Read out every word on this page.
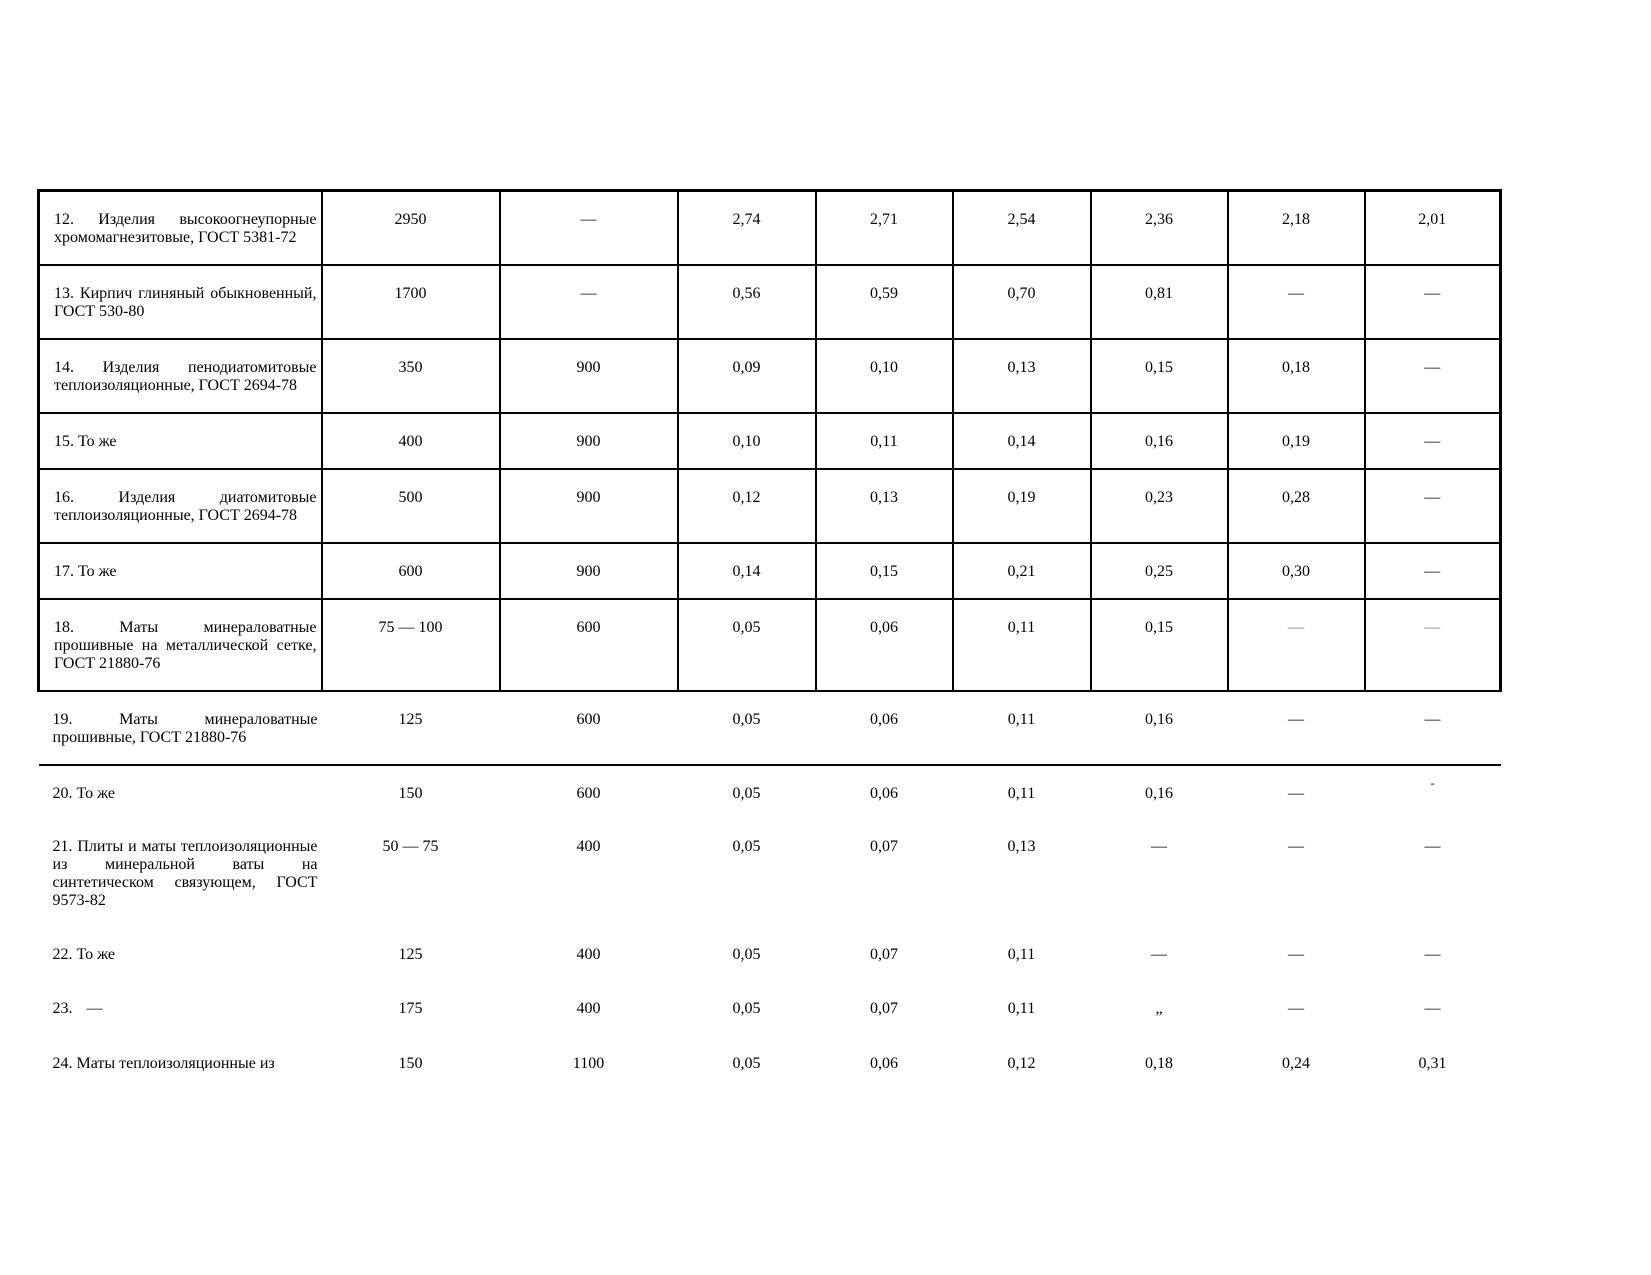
12. Изделия высокоогнеупорные хромомагнезитовые, ГОСТ 5381-72	2950	—	2,74	2,71	2,54	2,36	2,18	2,01
13. Кирпич глиняный обыкновенный, ГОСТ 530-80	1700	—	0,56	0,59	0,70	0,81	—	—
14. Изделия пенодиатомитовые теплоизоляционные, ГОСТ 2694-78	350	900	0,09	0,10	0,13	0,15	0,18	—
15. То же	400	900	0,10	0,11	0,14	0,16	0,19	—
16. Изделия диатомитовые теплоизоляционные, ГОСТ 2694-78	500	900	0,12	0,13	0,19	0,23	0,28	—
17. То же	600	900	0,14	0,15	0,21	0,25	0,30	—
18. Маты минераловатные прошивные на металлической сетке, ГОСТ 21880-76	75 — 100	600	0,05	0,06	0,11	0,15	—	—
19. Маты минераловатные прошивные, ГОСТ 21880-76	125	600	0,05	0,06	0,11	0,16	—	—
20. То же	150	600	0,05	0,06	0,11	0,16	—	-
21. Плиты и маты теплоизоляционные из минеральной ваты на синтетическом связующем, ГОСТ 9573-82	50 — 75	400	0,05	0,07	0,13	—	—	—
22. То же	125	400	0,05	0,07	0,11	—	—	—
23. —	175	400	0,05	0,07	0,11	„	—	—
24. Маты теплоизоляционные из	150	1100	0,05	0,06	0,12	0,18	0,24	0,31
